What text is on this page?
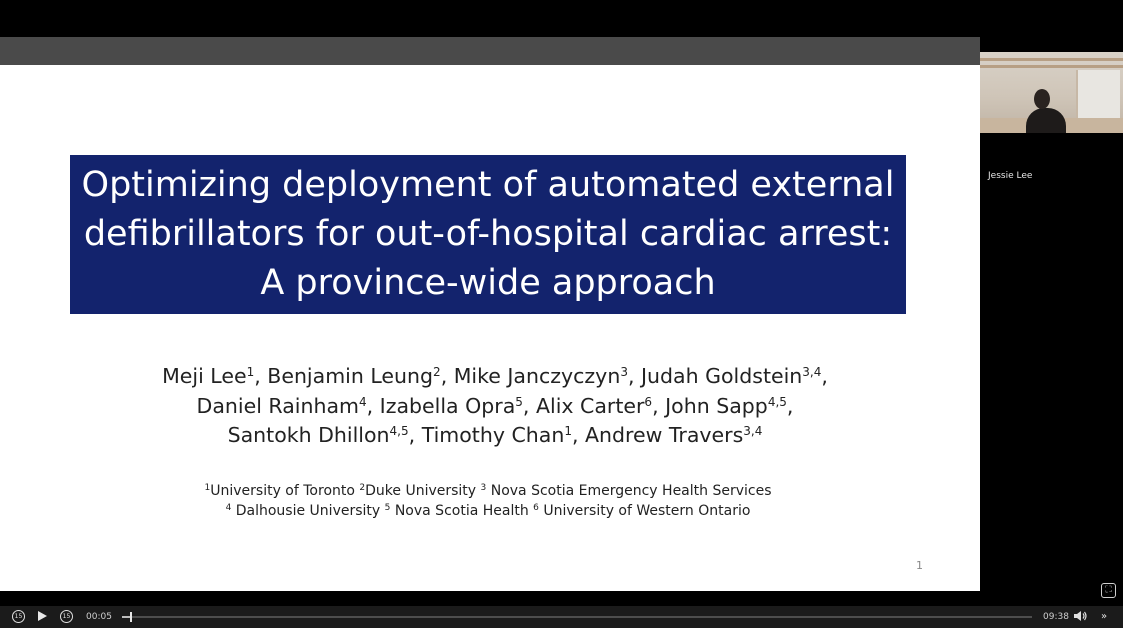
Optimizing deployment of automated external
defibrillators for out-of-hospital cardiac arrest:
A province-wide approach
Meji Lee$^1$, Benjamin Leung$^2$, Mike Janczyczyn$^3$, Judah Goldstein$^{3,4}$,
Daniel Rainham$^4$, Izabella Opra$^5$, Alix Carter$^6$, John Sapp$^{4,5}$,
Santokh Dhillon$^{4,5}$, Timothy Chan$^1$, Andrew Travers$^{3,4}$
$^1$University of Toronto $^2$Duke University $^3$ Nova Scotia Emergency Health Services
$^4$ Dalhousie University $^5$ Nova Scotia Health $^6$ University of Western Ontario
1
Jessie Lee
⛶
15	15 00:05	09:38	»
